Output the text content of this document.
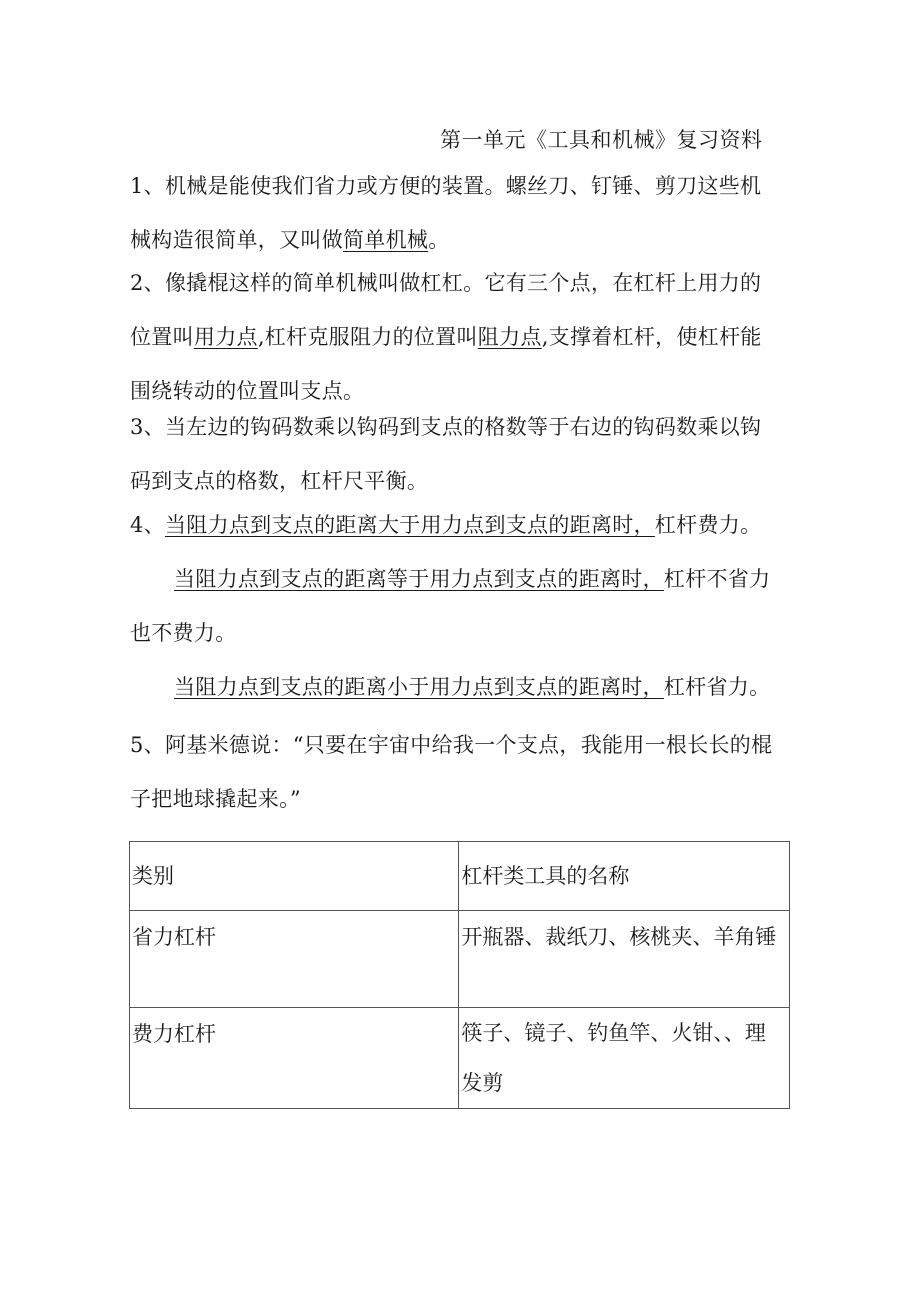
第一单元《工具和机械》复习资料
1、机械是能使我们省力或方便的装置。螺丝刀、钉锤、剪刀这些机
械构造很简单，又叫做简单机械。
2、像撬棍这样的简单机械叫做杠杠。它有三个点，在杠杆上用力的
位置叫用力点,杠杆克服阻力的位置叫阻力点,支撑着杠杆，使杠杆能
围绕转动的位置叫支点。
3、当左边的钩码数乘以钩码到支点的格数等于右边的钩码数乘以钩
码到支点的格数，杠杆尺平衡。
4、当阻力点到支点的距离大于用力点到支点的距离时，杠杆费力。
当阻力点到支点的距离等于用力点到支点的距离时，杠杆不省力
也不费力。
当阻力点到支点的距离小于用力点到支点的距离时，杠杆省力。
5、阿基米德说：“只要在宇宙中给我一个支点，我能用一根长长的棍
子把地球撬起来。”
类别	杠杆类工具的名称
省力杠杆	开瓶器、裁纸刀、核桃夹、羊角锤
费力杠杆	筷子、镜子、钓鱼竿、火钳、、理
发剪
